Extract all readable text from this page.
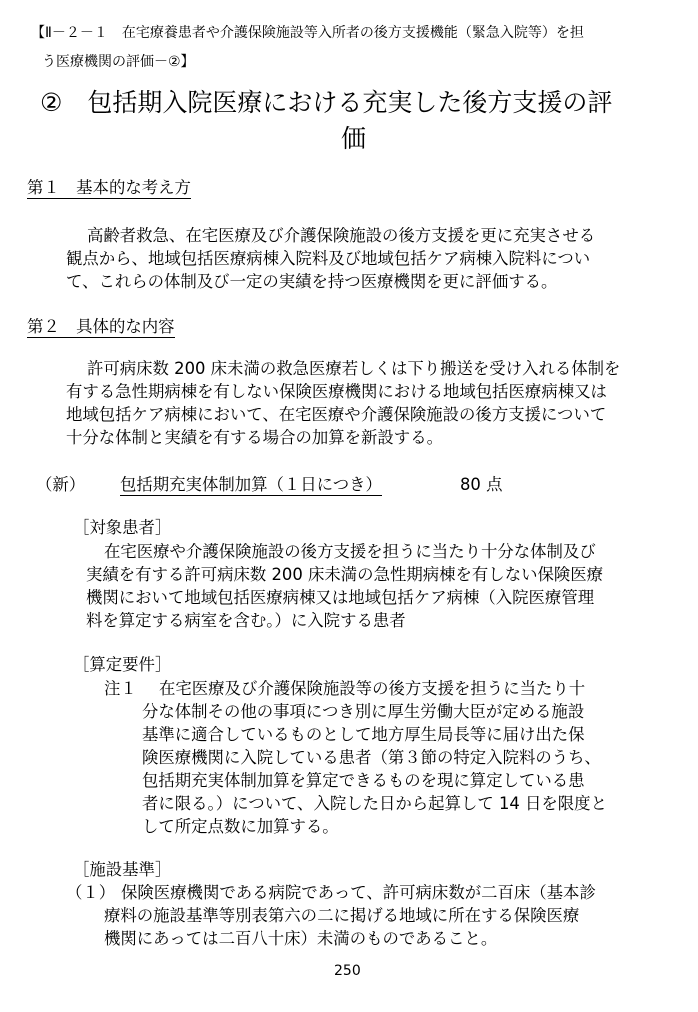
【Ⅱ－２－１　在宅療養患者や介護保険施設等入所者の後方支援機能（緊急入院等）を担
う医療機関の評価－②】
②　包括期入院医療における充実した後方支援の評
価
第１　基本的な考え方
高齢者救急、在宅医療及び介護保険施設の後方支援を更に充実させる
観点から、地域包括医療病棟入院料及び地域包括ケア病棟入院料につい
て、これらの体制及び一定の実績を持つ医療機関を更に評価する。
第２　具体的な内容
許可病床数 200 床未満の救急医療若しくは下り搬送を受け入れる体制を
有する急性期病棟を有しない保険医療機関における地域包括医療病棟又は
地域包括ケア病棟において、在宅医療や介護保険施設の後方支援について
十分な体制と実績を有する場合の加算を新設する。
（新） 包括期充実体制加算（１日につき）	80 点
［対象患者］
在宅医療や介護保険施設の後方支援を担うに当たり十分な体制及び
実績を有する許可病床数 200 床未満の急性期病棟を有しない保険医療
機関において地域包括医療病棟又は地域包括ケア病棟（入院医療管理
料を算定する病室を含む。）に入院する患者
［算定要件］
注１ 在宅医療及び介護保険施設等の後方支援を担うに当たり十
分な体制その他の事項につき別に厚生労働大臣が定める施設
基準に適合しているものとして地方厚生局長等に届け出た保
険医療機関に入院している患者（第３節の特定入院料のうち、
包括期充実体制加算を算定できるものを現に算定している患
者に限る。）について、入院した日から起算して 14 日を限度と
して所定点数に加算する。
［施設基準］
（１） 保険医療機関である病院であって、許可病床数が二百床（基本診
療料の施設基準等別表第六の二に掲げる地域に所在する保険医療
機関にあっては二百八十床）未満のものであること。
250
